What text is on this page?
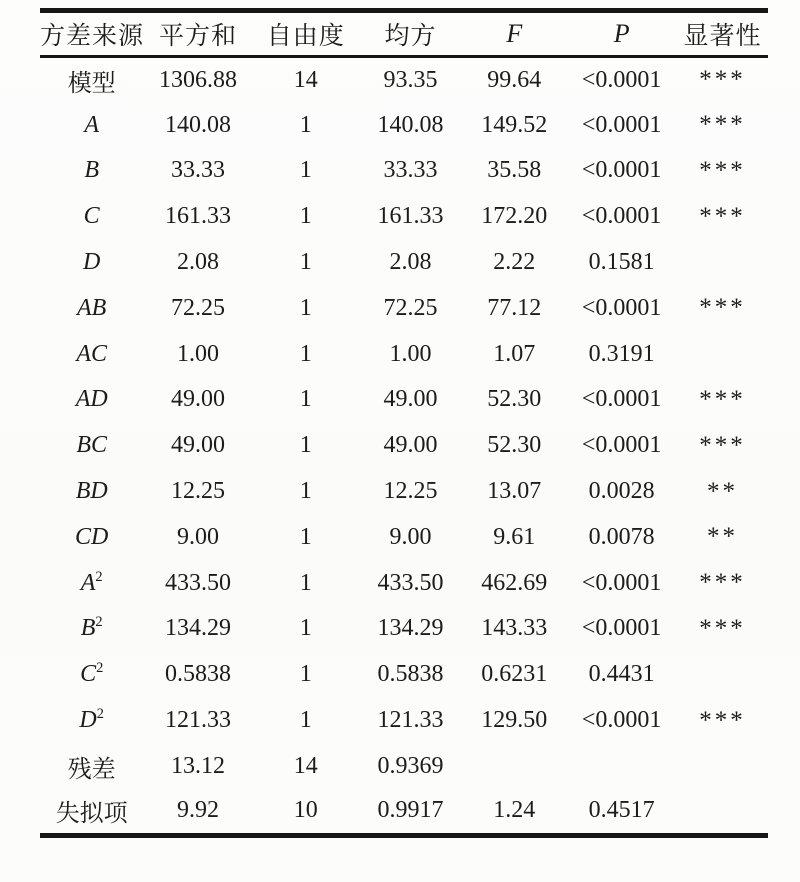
方差来源	平方和	自由度	均方	F	P	显著性
模型	1306.88	14	93.35	99.64	<0.0001	***
A	140.08	1	140.08	149.52	<0.0001	***
B	33.33	1	33.33	35.58	<0.0001	***
C	161.33	1	161.33	172.20	<0.0001	***
D	2.08	1	2.08	2.22	0.1581	
AB	72.25	1	72.25	77.12	<0.0001	***
AC	1.00	1	1.00	1.07	0.3191	
AD	49.00	1	49.00	52.30	<0.0001	***
BC	49.00	1	49.00	52.30	<0.0001	***
BD	12.25	1	12.25	13.07	0.0028	**
CD	9.00	1	9.00	9.61	0.0078	**
$A^2$	433.50	1	433.50	462.69	<0.0001	***
$B^2$	134.29	1	134.29	143.33	<0.0001	***
$C^2$	0.5838	1	0.5838	0.6231	0.4431	
$D^2$	121.33	1	121.33	129.50	<0.0001	***
残差	13.12	14	0.9369			
失拟项	9.92	10	0.9917	1.24	0.4517	
